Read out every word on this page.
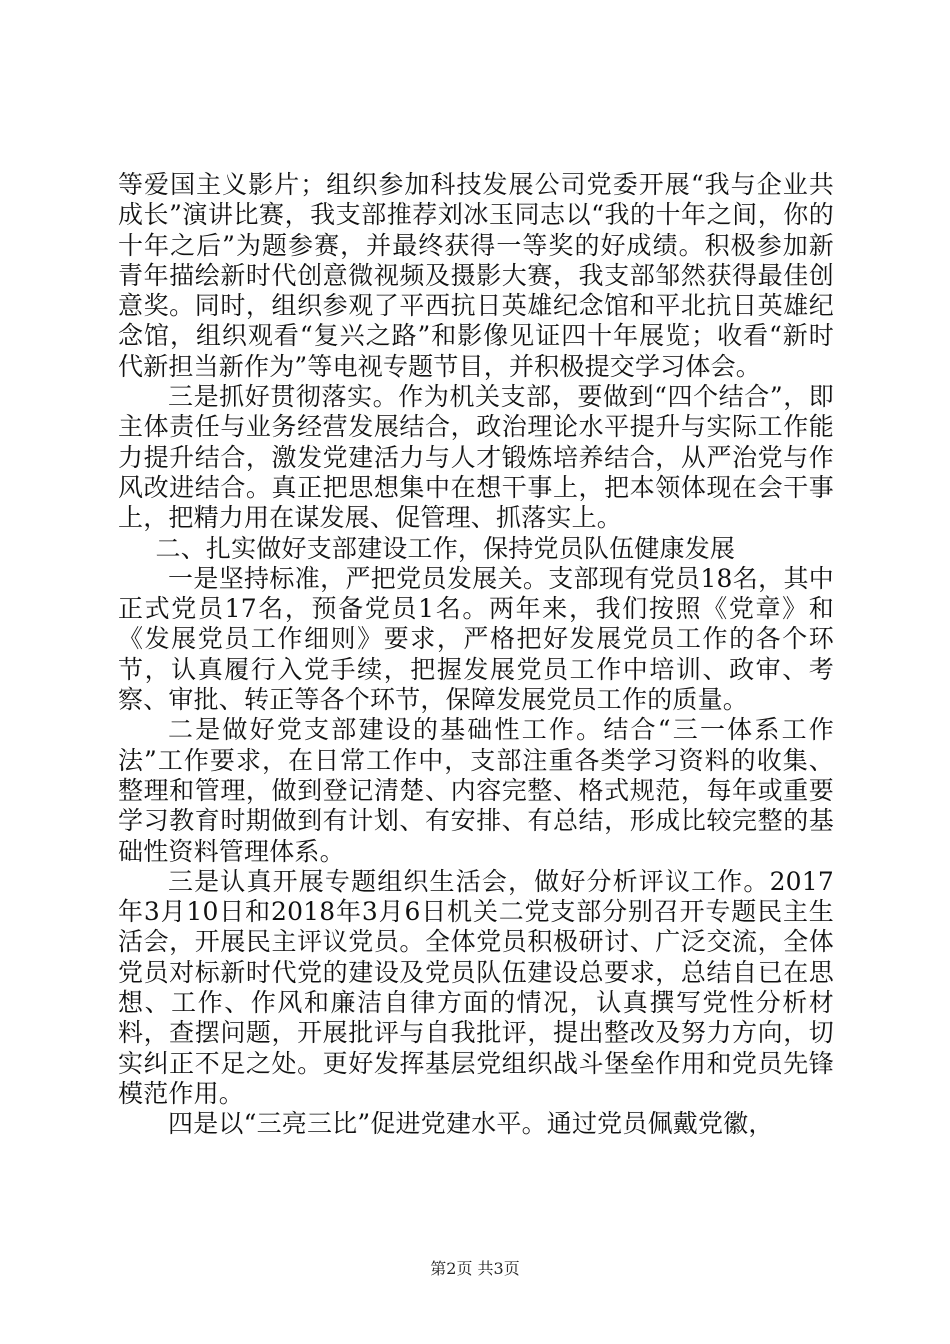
等爱国主义影片；组织参加科技发展公司党委开展“我与企业共成长”演讲比赛，我支部推荐刘冰玉同志以“我的十年之间，你的十年之后”为题参赛，并最终获得一等奖的好成绩。积极参加新青年描绘新时代创意微视频及摄影大赛，我支部邹然获得最佳创意奖。同时，组织参观了平西抗日英雄纪念馆和平北抗日英雄纪念馆，组织观看“复兴之路”和影像见证四十年展览；收看“新时代新担当新作为”等电视专题节目，并积极提交学习体会。

三是抓好贯彻落实。作为机关支部，要做到“四个结合”，即主体责任与业务经营发展结合，政治理论水平提升与实际工作能力提升结合，激发党建活力与人才锻炼培养结合，从严治党与作风改进结合。真正把思想集中在想干事上，把本领体现在会干事上，把精力用在谋发展、促管理、抓落实上。

二、扎实做好支部建设工作，保持党员队伍健康发展

一是坚持标准，严把党员发展关。支部现有党员18名，其中正式党员17名，预备党员1名。两年来，我们按照《党章》和《发展党员工作细则》要求，严格把好发展党员工作的各个环节，认真履行入党手续，把握发展党员工作中培训、政审、考察、审批、转正等各个环节，保障发展党员工作的质量。

二是做好党支部建设的基础性工作。结合“三一体系工作法”工作要求，在日常工作中，支部注重各类学习资料的收集、整理和管理，做到登记清楚、内容完整、格式规范，每年或重要学习教育时期做到有计划、有安排、有总结，形成比较完整的基础性资料管理体系。

三是认真开展专题组织生活会，做好分析评议工作。2017年3月10日和2018年3月6日机关二党支部分别召开专题民主生活会，开展民主评议党员。全体党员积极研讨、广泛交流，全体党员对标新时代党的建设及党员队伍建设总要求，总结自已在思想、工作、作风和廉洁自律方面的情况，认真撰写党性分析材料，查摆问题，开展批评与自我批评，提出整改及努力方向，切实纠正不足之处。更好发挥基层党组织战斗堡垒作用和党员先锋模范作用。

四是以“三亮三比”促进党建水平。通过党员佩戴党徽，

第2页 共3页
